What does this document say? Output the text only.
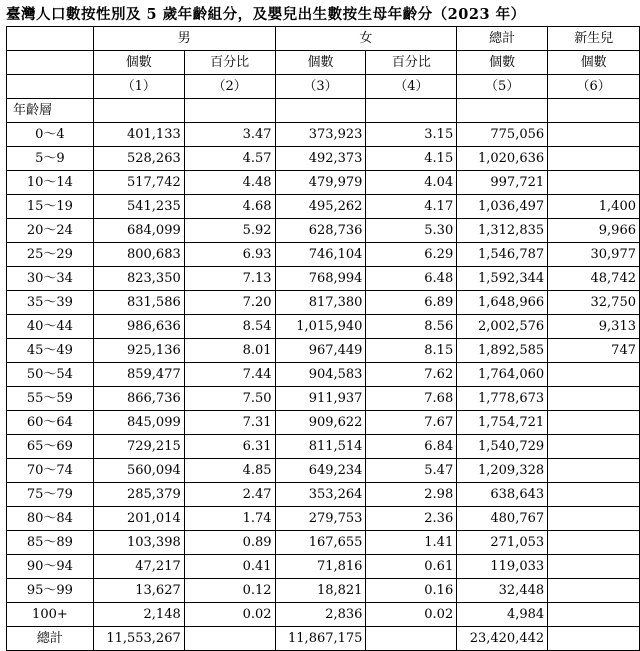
臺灣人口數按性別及 5 歲年齡組分，及嬰兒出生數按生母年齡分（2023 年）
	男		女		總計	新生兒
	個數	百分比	個數	百分比	個數	個數
	（1）	（2）	（3）	（4）	（5）	（6）
年齡層						
0～4	401,133	3.47	373,923	3.15	775,056	
5～9	528,263	4.57	492,373	4.15	1,020,636	
10～14	517,742	4.48	479,979	4.04	997,721	
15～19	541,235	4.68	495,262	4.17	1,036,497	1,400
20～24	684,099	5.92	628,736	5.30	1,312,835	9,966
25～29	800,683	6.93	746,104	6.29	1,546,787	30,977
30～34	823,350	7.13	768,994	6.48	1,592,344	48,742
35～39	831,586	7.20	817,380	6.89	1,648,966	32,750
40～44	986,636	8.54	1,015,940	8.56	2,002,576	9,313
45～49	925,136	8.01	967,449	8.15	1,892,585	747
50～54	859,477	7.44	904,583	7.62	1,764,060	
55～59	866,736	7.50	911,937	7.68	1,778,673	
60～64	845,099	7.31	909,622	7.67	1,754,721	
65～69	729,215	6.31	811,514	6.84	1,540,729	
70～74	560,094	4.85	649,234	5.47	1,209,328	
75～79	285,379	2.47	353,264	2.98	638,643	
80～84	201,014	1.74	279,753	2.36	480,767	
85～89	103,398	0.89	167,655	1.41	271,053	
90～94	47,217	0.41	71,816	0.61	119,033	
95～99	13,627	0.12	18,821	0.16	32,448	
100+	2,148	0.02	2,836	0.02	4,984	
總計	11,553,267		11,867,175		23,420,442	
